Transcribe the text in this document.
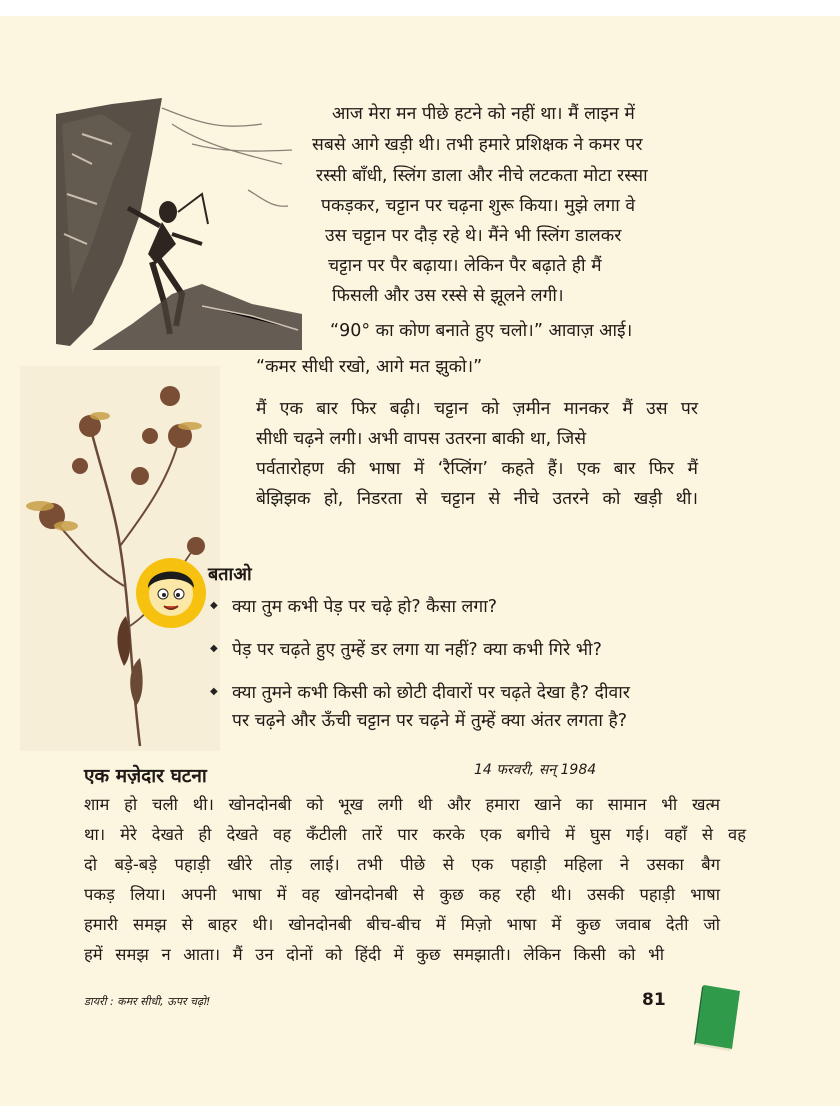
आज मेरा मन पीछे हटने को नहीं था। मैं लाइन में
सबसे आगे खड़ी थी। तभी हमारे प्रशिक्षक ने कमर पर
रस्सी बाँधी, स्लिंग डाला और नीचे लटकता मोटा रस्सा
पकड़कर, चट्टान पर चढ़ना शुरू किया। मुझे लगा वे
उस चट्टान पर दौड़ रहे थे। मैंने भी स्लिंग डालकर
चट्टान पर पैर बढ़ाया। लेकिन पैर बढ़ाते ही मैं
फिसली और उस रस्से से झूलने लगी।
“90° का कोण बनाते हुए चलो।” आवाज़ आई।
“कमर सीधी रखो, आगे मत झुको।”
मैं एक बार फिर बढ़ी। चट्टान को ज़मीन मानकर मैं उस पर
सीधी चढ़ने लगी। अभी वापस उतरना बाकी था, जिसे
पर्वतारोहण की भाषा में ‘रैप्लिंग’ कहते हैं। एक बार फिर मैं
बेझिझक हो, निडरता से चट्टान से नीचे उतरने को खड़ी थी।
बताओ
◆ क्या तुम कभी पेड़ पर चढ़े हो? कैसा लगा?
◆ पेड़ पर चढ़ते हुए तुम्हें डर लगा या नहीं? क्या कभी गिरे भी?
◆ क्या तुमने कभी किसी को छोटी दीवारों पर चढ़ते देखा है? दीवार
पर चढ़ने और ऊँची चट्टान पर चढ़ने में तुम्हें क्या अंतर लगता है?
एक मज़ेदार घटना	14 फरवरी, सन् 1984
शाम हो चली थी। खोनदोनबी को भूख लगी थी और हमारा खाने का सामान भी खत्म
था। मेरे देखते ही देखते वह कँटीली तारें पार करके एक बगीचे में घुस गई। वहाँ से वह
दो बड़े-बड़े पहाड़ी खीरे तोड़ लाई। तभी पीछे से एक पहाड़ी महिला ने उसका बैग
पकड़ लिया। अपनी भाषा में वह खोनदोनबी से कुछ कह रही थी। उसकी पहाड़ी भाषा
हमारी समझ से बाहर थी। खोनदोनबी बीच-बीच में मिज़ो भाषा में कुछ जवाब देती जो
हमें समझ न आता। मैं उन दोनों को हिंदी में कुछ समझाती। लेकिन किसी को भी
डायरी : कमर सीधी, ऊपर चढ़ो!	81
